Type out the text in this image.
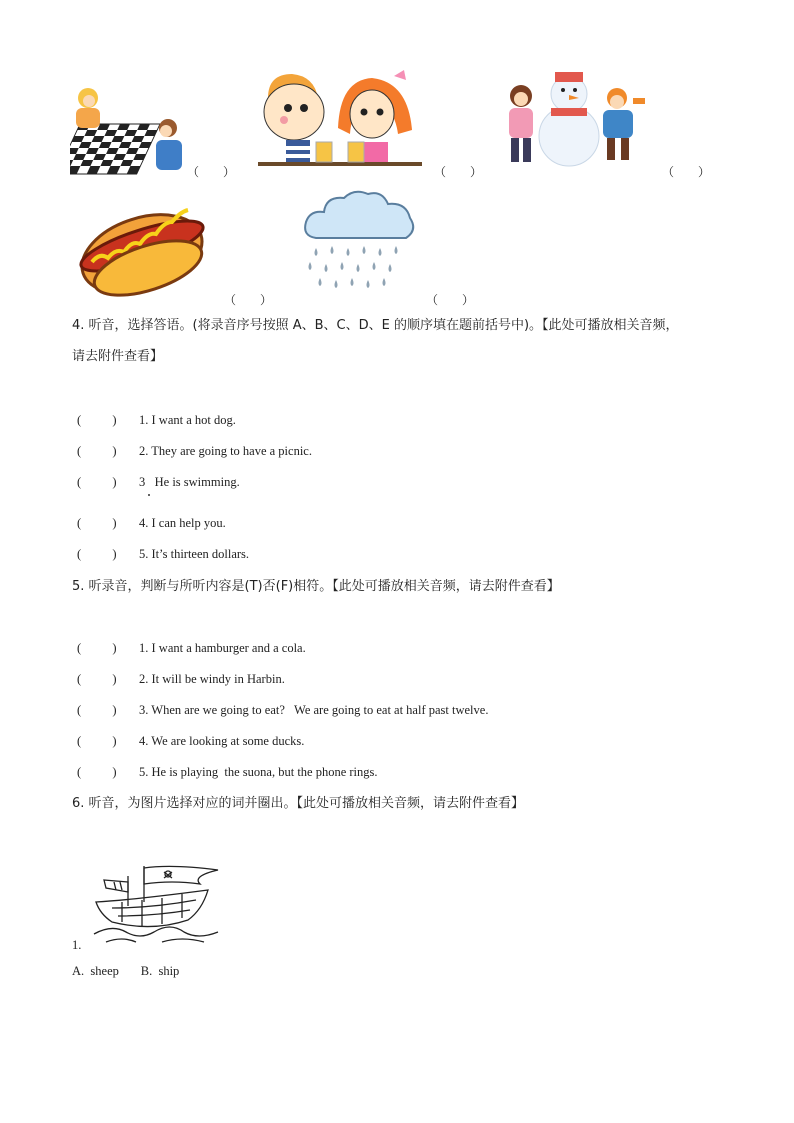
（        ）	（        ）	（        ）
（        ）	（        ）
4. 听音，选择答语。(将录音序号按照 A、B、C、D、E 的顺序填在题前括号中)。【此处可播放相关音频，
请去附件查看】
(          ) 1. I want a hot dog.
(          ) 2. They are going to have a picnic.
(          ) 3   He is swimming.
(          ) 4. I can help you.
(          ) 5. It’s thirteen dollars.
5. 听录音，判断与所听内容是(T)否(F)相符。【此处可播放相关音频，请去附件查看】
(          ) 1. I want a hamburger and a cola.
(          ) 2. It will be windy in Harbin.
(          ) 3. When are we going to eat?   We are going to eat at half past twelve.
(          ) 4. We are looking at some ducks.
(          ) 5. He is playing  the suona, but the phone rings.
6. 听音，为图片选择对应的词并圈出。【此处可播放相关音频，请去附件查看】
1.
A.  sheep       B.  ship
